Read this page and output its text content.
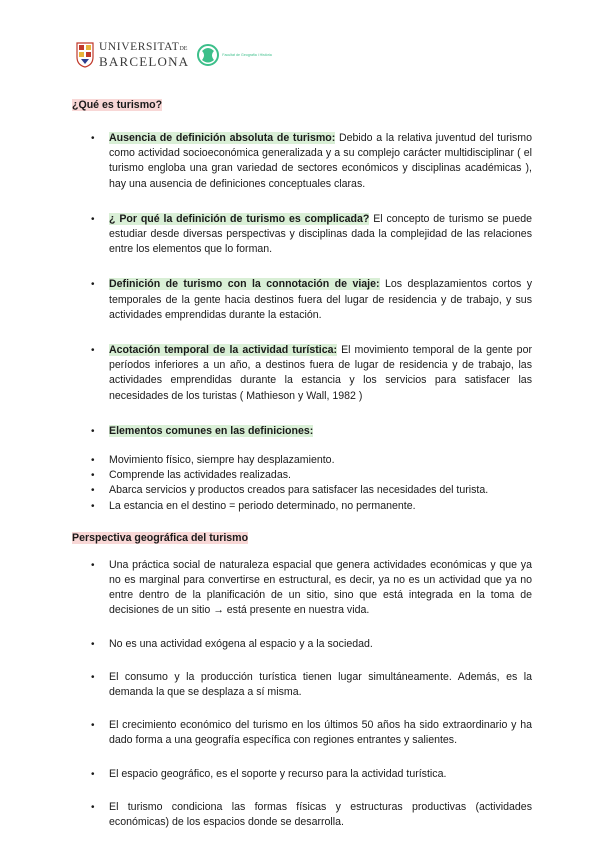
UNIVERSITATDE
BARCELONA	Facultat de Geografia i Història
¿Qué es turismo?
• Ausencia de definición absoluta de turismo: Debido a la relativa juventud del turismo como actividad socioeconómica generalizada y a su complejo carácter multidisciplinar ( el turismo engloba una gran variedad de sectores económicos y disciplinas académicas ), hay una ausencia de definiciones conceptuales claras.
• ¿ Por qué la definición de turismo es complicada? El concepto de turismo se puede estudiar desde diversas perspectivas y disciplinas dada la complejidad de las relaciones entre los elementos que lo forman.
• Definición de turismo con la connotación de viaje: Los desplazamientos cortos y temporales de la gente hacia destinos fuera del lugar de residencia y de trabajo, y sus actividades emprendidas durante la estación.
• Acotación temporal de la actividad turística: El movimiento temporal de la gente por períodos inferiores a un año, a destinos fuera de lugar de residencia y de trabajo, las actividades emprendidas durante la estancia y los servicios para satisfacer las necesidades de los turistas ( Mathieson y Wall, 1982 )
• Elementos comunes en las definiciones:
• Movimiento físico, siempre hay desplazamiento.
• Comprende las actividades realizadas.
• Abarca servicios y productos creados para satisfacer las necesidades del turista.
• La estancia en el destino = periodo determinado, no permanente.
Perspectiva geográfica del turismo
• Una práctica social de naturaleza espacial que genera actividades económicas y que ya no es marginal para convertirse en estructural, es decir, ya no es un actividad que ya no entre dentro de la planificación de un sitio, sino que está integrada en la toma de decisiones de un sitio → está presente en nuestra vida.
• No es una actividad exógena al espacio y a la sociedad.
• El consumo y la producción turística tienen lugar simultáneamente. Además, es la demanda la que se desplaza a sí misma.
• El crecimiento económico del turismo en los últimos 50 años ha sido extraordinario y ha dado forma a una geografía específica con regiones entrantes y salientes.
• El espacio geográfico, es el soporte y recurso para la actividad turística.
• El turismo condiciona las formas físicas y estructuras productivas (actividades económicas) de los espacios donde se desarrolla.
